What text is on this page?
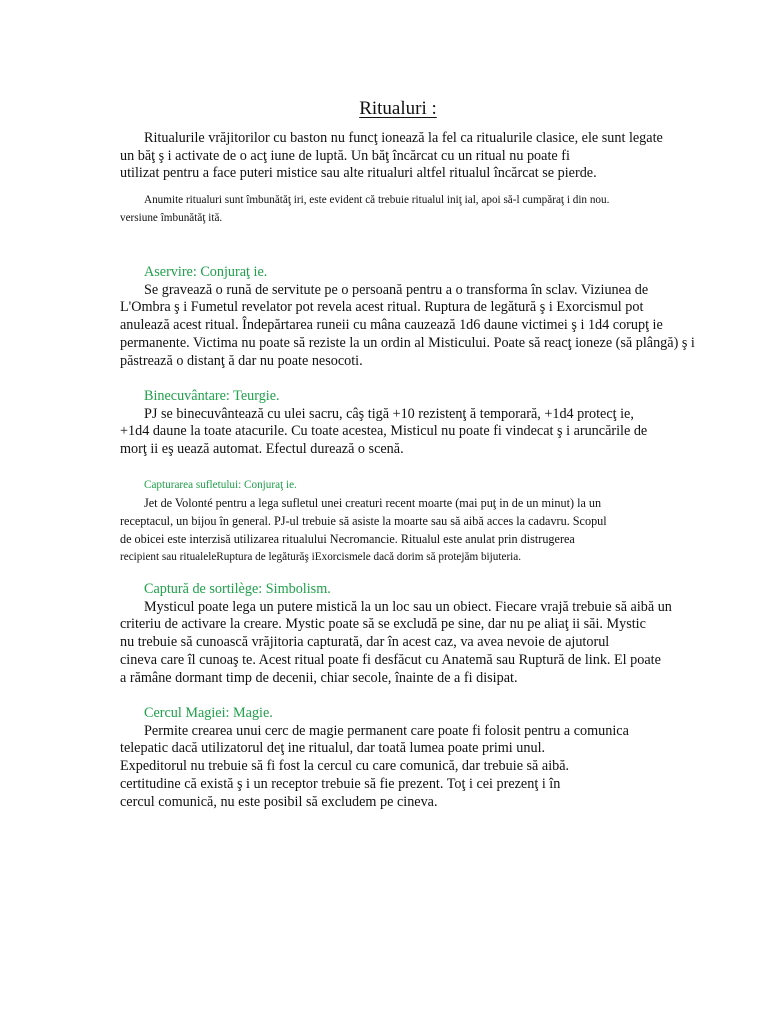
Ritualuri :
Ritualurile vrăjitorilor cu baston nu funcţ ionează la fel ca ritualurile clasice, ele sunt legate
un băţ ş i activate de o acţ iune de luptă. Un băţ încărcat cu un ritual nu poate fi
utilizat pentru a face puteri mistice sau alte ritualuri altfel ritualul încărcat se pierde.
Anumite ritualuri sunt îmbunătăţ iri, este evident că trebuie ritualul iniţ ial, apoi să-l cumpăraţ i din nou.
versiune îmbunătăţ ită.
Aservire: Conjuraţ ie.
Se gravează o rună de servitute pe o persoană pentru a o transforma în sclav. Viziunea de
L'Ombra ş i Fumetul revelator pot revela acest ritual. Ruptura de legătură ş i Exorcismul pot
anulează acest ritual. Îndepărtarea runeii cu mâna cauzează 1d6 daune victimei ş i 1d4 corupţ ie
permanente. Victima nu poate să reziste la un ordin al Misticului. Poate să reacţ ioneze (să plângă) ş i
păstrează o distanţ ă dar nu poate nesocoti.
Binecuvântare: Teurgie.
PJ se binecuvântează cu ulei sacru, câş tigă +10 rezistenţ ă temporară, +1d4 protecţ ie,
+1d4 daune la toate atacurile. Cu toate acestea, Misticul nu poate fi vindecat ş i aruncările de
morţ ii eş uează automat. Efectul durează o scenă.
Capturarea sufletului: Conjuraţ ie.
Jet de Volonté pentru a lega sufletul unei creaturi recent moarte (mai puţ in de un minut) la un
receptacul, un bijou în general. PJ-ul trebuie să asiste la moarte sau să aibă acces la cadavru. Scopul
de obicei este interzisă utilizarea ritualului Necromancie. Ritualul este anulat prin distrugerea
recipient sau ritualeleRuptura de legăturăş iExorcismele dacă dorim să protejăm bijuteria.
Captură de sortilège: Simbolism.
Mysticul poate lega un putere mistică la un loc sau un obiect. Fiecare vrajă trebuie să aibă un
criteriu de activare la creare. Mystic poate să se excludă pe sine, dar nu pe aliaţ ii săi. Mystic
nu trebuie să cunoască vrăjitoria capturată, dar în acest caz, va avea nevoie de ajutorul
cineva care îl cunoaş te. Acest ritual poate fi desfăcut cu Anatemă sau Ruptură de link. El poate
a rămâne dormant timp de decenii, chiar secole, înainte de a fi disipat.
Cercul Magiei: Magie.
Permite crearea unui cerc de magie permanent care poate fi folosit pentru a comunica
telepatic dacă utilizatorul deţ ine ritualul, dar toată lumea poate primi unul.
Expeditorul nu trebuie să fi fost la cercul cu care comunică, dar trebuie să aibă.
certitudine că există ş i un receptor trebuie să fie prezent. Toţ i cei prezenţ i în
cercul comunică, nu este posibil să excludem pe cineva.
